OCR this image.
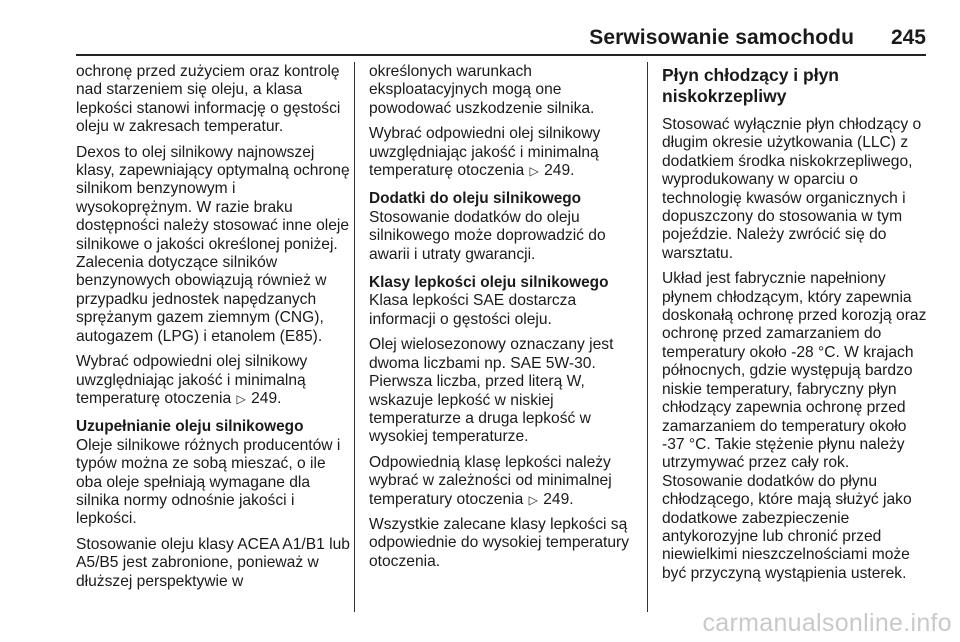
Serwisowanie samochodu 245

ochronę przed zużyciem oraz kontrolę nad starzeniem się oleju, a klasa lepkości stanowi informację o gęstości oleju w zakresach temperatur.

Dexos to olej silnikowy najnowszej klasy, zapewniający optymalną ochronę silnikom benzynowym i wysokoprężnym. W razie braku dostępności należy stosować inne oleje silnikowe o jakości określonej poniżej. Zalecenia dotyczące silników benzynowych obowiązują również w przypadku jednostek napędzanych sprężanym gazem ziemnym (CNG), autogazem (LPG) i etanolem (E85).

Wybrać odpowiedni olej silnikowy uwzględniając jakość i minimalną temperaturę otoczenia ▷ 249.

Uzupełnianie oleju silnikowego

Oleje silnikowe różnych producentów i typów można ze sobą mieszać, o ile oba oleje spełniają wymagane dla silnika normy odnośnie jakości i lepkości.

Stosowanie oleju klasy ACEA A1/B1 lub A5/B5 jest zabronione, ponieważ w dłuższej perspektywie w

określonych warunkach eksploatacyjnych mogą one powodować uszkodzenie silnika.

Wybrać odpowiedni olej silnikowy uwzględniając jakość i minimalną temperaturę otoczenia ▷ 249.

Dodatki do oleju silnikowego

Stosowanie dodatków do oleju silnikowego może doprowadzić do awarii i utraty gwarancji.

Klasy lepkości oleju silnikowego

Klasa lepkości SAE dostarcza informacji o gęstości oleju.

Olej wielosezonowy oznaczany jest dwoma liczbami np. SAE 5W-30. Pierwsza liczba, przed literą W, wskazuje lepkość w niskiej temperaturze a druga lepkość w wysokiej temperaturze.

Odpowiednią klasę lepkości należy wybrać w zależności od minimalnej temperatury otoczenia ▷ 249.

Wszystkie zalecane klasy lepkości są odpowiednie do wysokiej temperatury otoczenia.

Płyn chłodzący i płyn niskokrzepliwy

Stosować wyłącznie płyn chłodzący o długim okresie użytkowania (LLC) z dodatkiem środka niskokrzepliwego, wyprodukowany w oparciu o technologię kwasów organicznych i dopuszczony do stosowania w tym pojeździe. Należy zwrócić się do warsztatu.

Układ jest fabrycznie napełniony płynem chłodzącym, który zapewnia doskonałą ochronę przed korozją oraz ochronę przed zamarzaniem do temperatury około -28 °C. W krajach północnych, gdzie występują bardzo niskie temperatury, fabryczny płyn chłodzący zapewnia ochronę przed zamarzaniem do temperatury około -37 °C. Takie stężenie płynu należy utrzymywać przez cały rok. Stosowanie dodatków do płynu chłodzącego, które mają służyć jako dodatkowe zabezpieczenie antykorozyjne lub chronić przed niewielkimi nieszczelnościami może być przyczyną wystąpienia usterek.

carmanualsonline.info
